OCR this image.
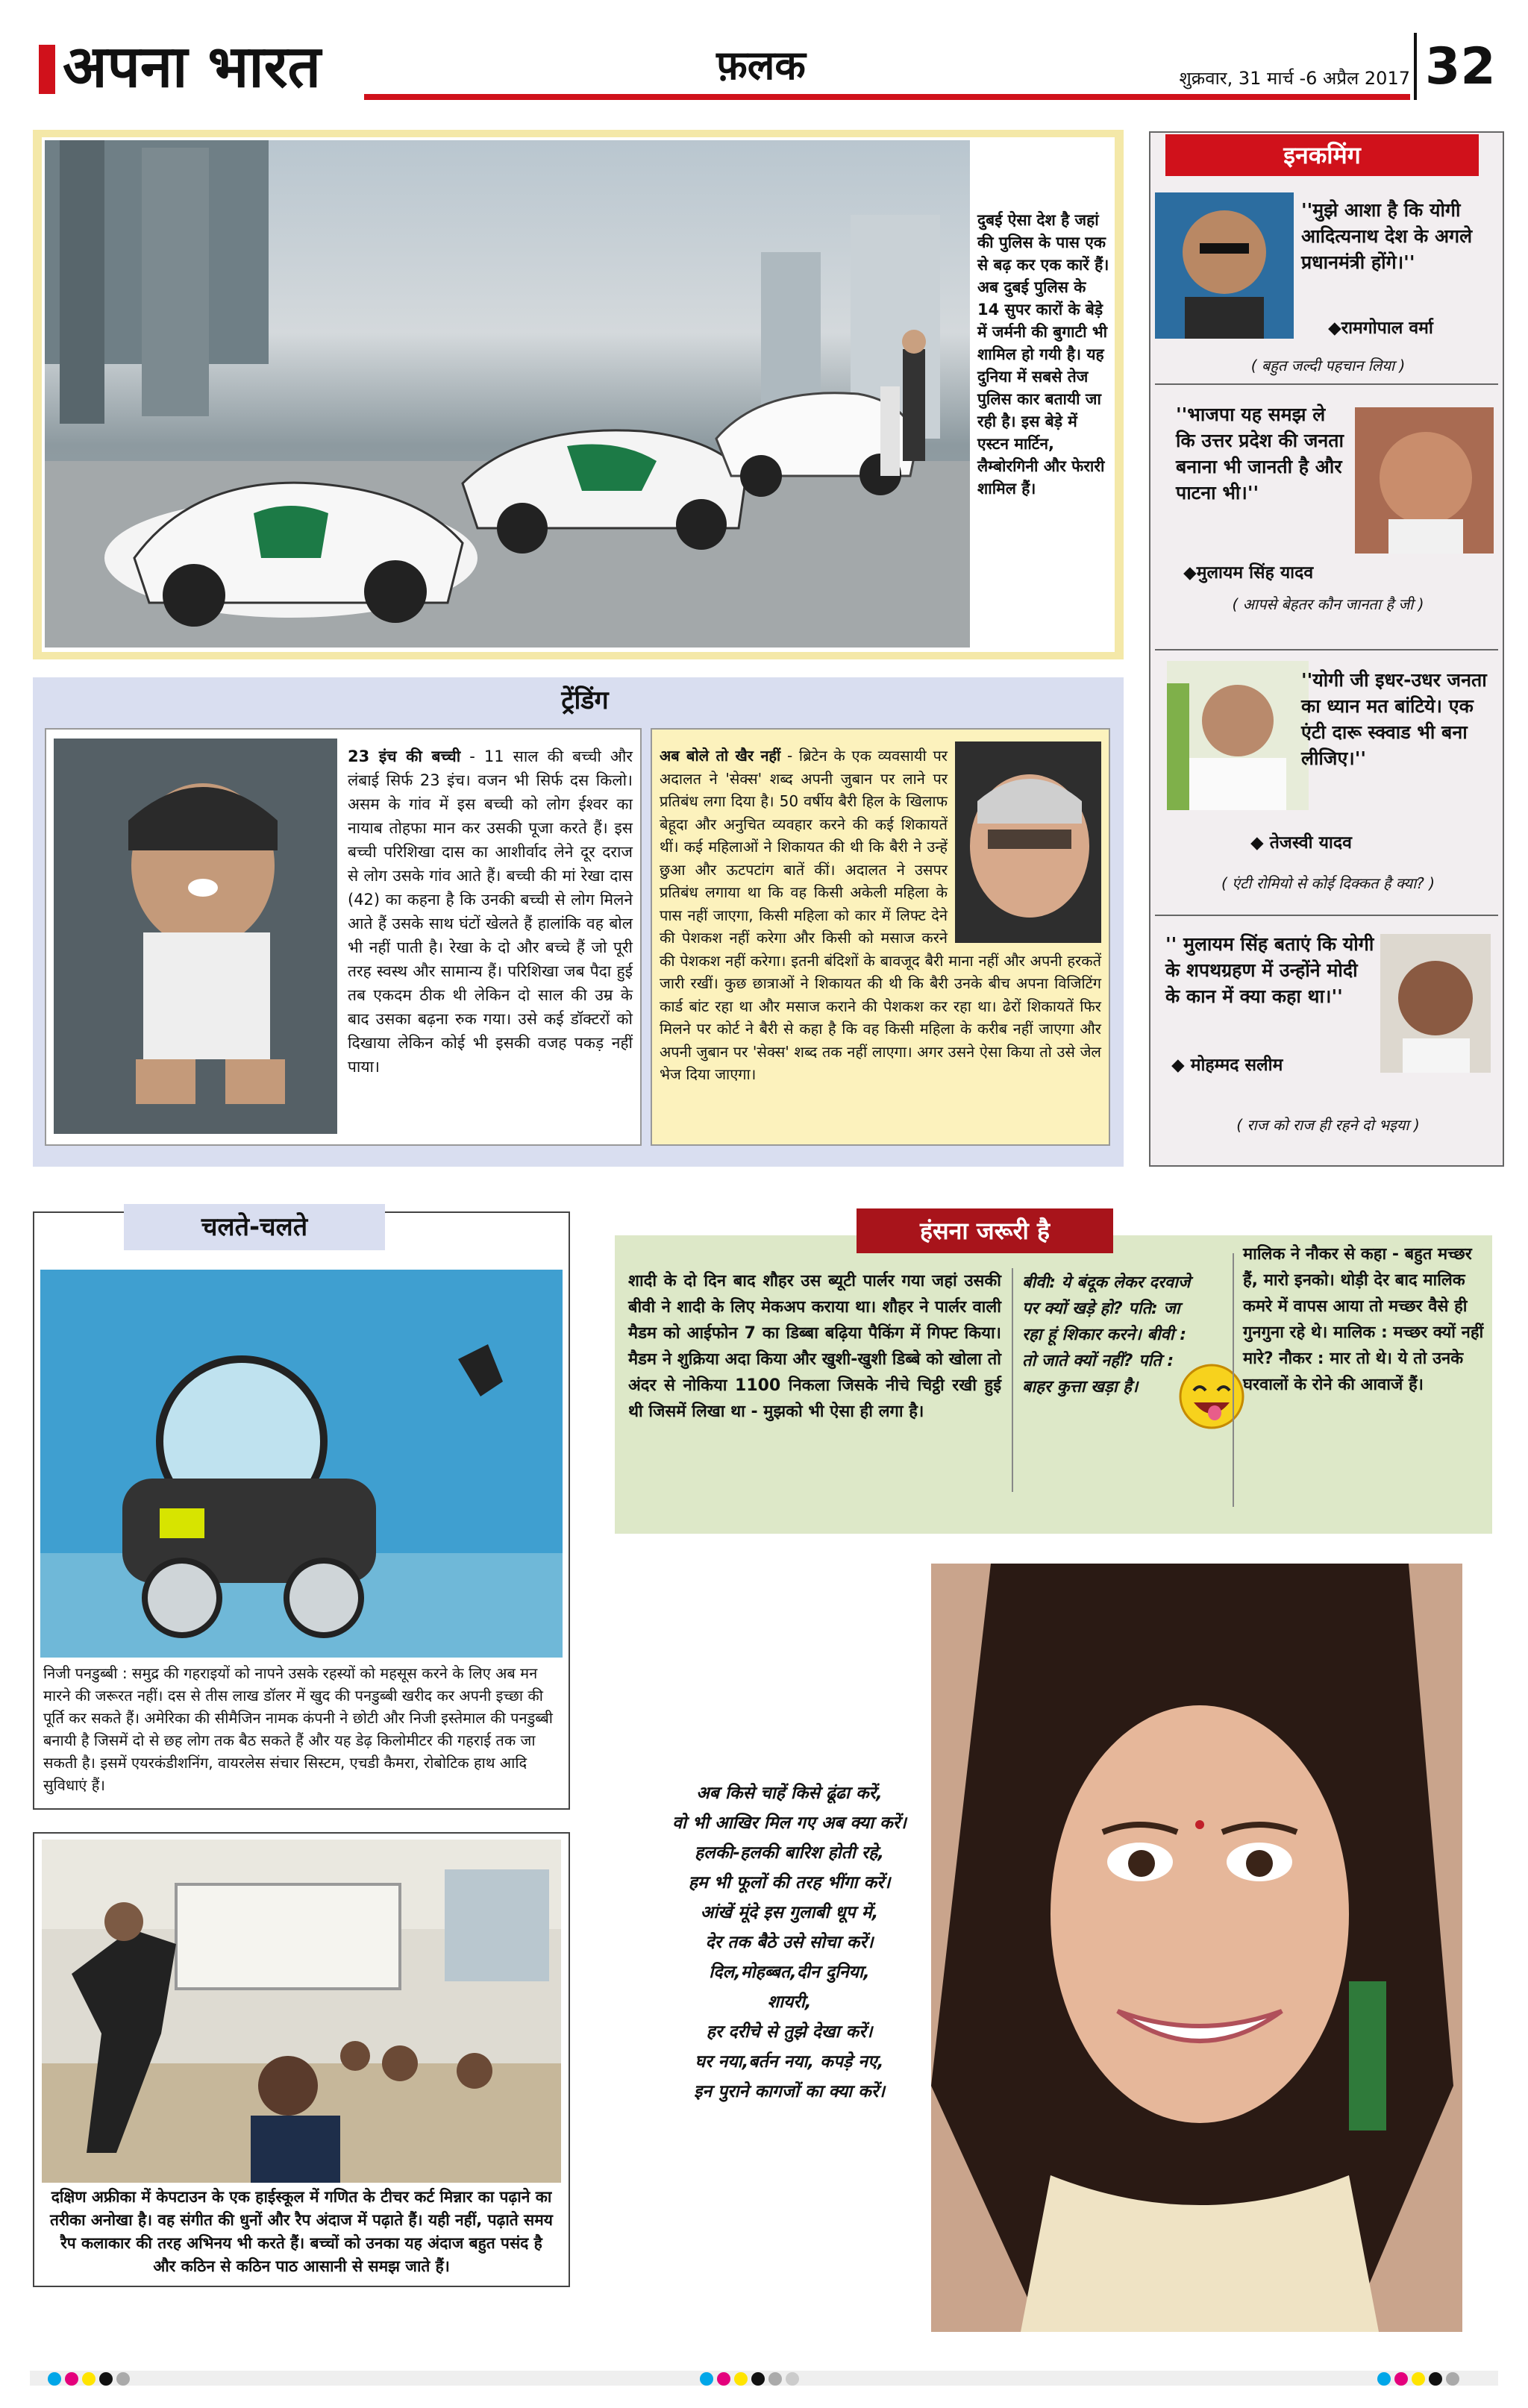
अपना भारत	फ़लक	शुक्रवार, 31 मार्च -6 अप्रैल 2017 32
दुबई ऐसा देश है जहां की पुलिस के पास एक से बढ़ कर एक कारें हैं। अब दुबई पुलिस के 14 सुपर कारों के बेड़े में जर्मनी की बुगाटी भी शामिल हो गयी है। यह दुनिया में सबसे तेज पुलिस कार बतायी जा रही है। इस बेड़े में एस्टन मार्टिन, लैम्बोरगिनी और फेरारी शामिल हैं।
इनकमिंग
''मुझे आशा है कि योगी आदित्यनाथ देश के अगले प्रधानमंत्री होंगे।''
◆रामगोपाल वर्मा
( बहुत जल्दी पहचान लिया )
''भाजपा यह समझ ले कि उत्तर प्रदेश की जनता बनाना भी जानती है और पाटना भी।''
◆मुलायम सिंह यादव
( आपसे बेहतर कौन जानता है जी )
''योगी जी इधर-उधर जनता का ध्यान मत बांटिये। एक एंटी दारू स्क्वाड भी बना लीजिए।''
◆ तेजस्वी यादव
( एंटी रोमियो से कोई दिक्कत है क्या? )
'' मुलायम सिंह बताएं कि योगी के शपथग्रहण में उन्होंने मोदी के कान में क्या कहा था।''
◆ मोहम्मद सलीम
( राज को राज ही रहने दो भइया )
ट्रेंडिंग
23 इंच की बच्ची - 11 साल की बच्ची और लंबाई सिर्फ 23 इंच। वजन भी सिर्फ दस किलो। असम के गांव में इस बच्ची को लोग ईश्वर का नायाब तोहफा मान कर उसकी पूजा करते हैं। इस बच्ची परिशिखा दास का आशीर्वाद लेने दूर दराज से लोग उसके गांव आते हैं। बच्ची की मां रेखा दास (42) का कहना है कि उनकी बच्ची से लोग मिलने आते हैं उसके साथ घंटों खेलते हैं हालांकि वह बोल भी नहीं पाती है। रेखा के दो और बच्चे हैं जो पूरी तरह स्वस्थ और सामान्य हैं। परिशिखा जब पैदा हुई तब एकदम ठीक थी लेकिन दो साल की उम्र के बाद उसका बढ़ना रुक गया। उसे कई डॉक्टरों को दिखाया लेकिन कोई भी इसकी वजह पकड़ नहीं पाया।
अब बोले तो खैर नहीं - ब्रिटेन के एक व्यवसायी पर अदालत ने 'सेक्स' शब्द अपनी जुबान पर लाने पर प्रतिबंध लगा दिया है। 50 वर्षीय बैरी हिल के खिलाफ बेहूदा और अनुचित व्यवहार करने की कई शिकायतें थीं। कई महिलाओं ने शिकायत की थी कि बैरी ने उन्हें छुआ और ऊटपटांग बातें कीं। अदालत ने उसपर प्रतिबंध लगाया था कि वह किसी अकेली महिला के पास नहीं जाएगा, किसी महिला को कार में लिफ्ट देने की पेशकश नहीं करेगा और किसी को मसाज करने की पेशकश नहीं करेगा। इतनी बंदिशों के बावजूद बैरी माना नहीं और अपनी हरकतें जारी रखीं। कुछ छात्राओं ने शिकायत की थी कि बैरी उनके बीच अपना विजिटिंग कार्ड बांट रहा था और मसाज कराने की पेशकश कर रहा था। ढेरों शिकायतें फिर मिलने पर कोर्ट ने बैरी से कहा है कि वह किसी महिला के करीब नहीं जाएगा और अपनी जुबान पर 'सेक्स' शब्द तक नहीं लाएगा। अगर उसने ऐसा किया तो उसे जेल भेज दिया जाएगा।
चलते-चलते
निजी पनडुब्बी : समुद्र की गहराइयों को नापने उसके रहस्यों को महसूस करने के लिए अब मन मारने की जरूरत नहीं। दस से तीस लाख डॉलर में खुद की पनडुब्बी खरीद कर अपनी इच्छा की पूर्ति कर सकते हैं। अमेरिका की सीमैजिन नामक कंपनी ने छोटी और निजी इस्तेमाल की पनडुब्बी बनायी है जिसमें दो से छह लोग तक बैठ सकते हैं और यह डेढ़ किलोमीटर की गहराई तक जा सकती है। इसमें एयरकंडीशनिंग, वायरलेस संचार सिस्टम, एचडी कैमरा, रोबोटिक हाथ आदि सुविधाएं हैं।
दक्षिण अफ्रीका में केपटाउन के एक हाईस्कूल में गणित के टीचर कर्ट मिन्नार का पढ़ाने का तरीका अनोखा है। वह संगीत की धुनों और रैप अंदाज में पढ़ाते हैं। यही नहीं, पढ़ाते समय रैप कलाकार की तरह अभिनय भी करते हैं। बच्चों को उनका यह अंदाज बहुत पसंद है और कठिन से कठिन पाठ आसानी से समझ जाते हैं।
हंसना जरूरी है
शादी के दो दिन बाद शौहर उस ब्यूटी पार्लर गया जहां उसकी बीवी ने शादी के लिए मेकअप कराया था। शौहर ने पार्लर वाली मैडम को आईफोन 7 का डिब्बा बढ़िया पैकिंग में गिफ्ट किया। मैडम ने शुक्रिया अदा किया और खुशी-खुशी डिब्बे को खोला तो अंदर से नोकिया 1100 निकला जिसके नीचे चिट्ठी रखी हुई थी जिसमें लिखा था - मुझको भी ऐसा ही लगा है।
बीवी: ये बंदूक लेकर दरवाजे पर क्यों खड़े हो? पति: जा रहा हूं शिकार करने। बीवी : तो जाते क्यों नहीं? पति : बाहर कुत्ता खड़ा है।
मालिक ने नौकर से कहा - बहुत मच्छर हैं, मारो इनको। थोड़ी देर बाद मालिक कमरे में वापस आया तो मच्छर वैसे ही गुनगुना रहे थे। मालिक : मच्छर क्यों नहीं मारे? नौकर : मार तो थे। ये तो उनके घरवालों के रोने की आवाजें हैं।
अब किसे चाहें किसे ढूंढा करें,
वो भी आखिर मिल गए अब क्या करें।
हलकी-हलकी बारिश होती रहे,
हम भी फूलों की तरह भींगा करें।
आंखें मूंदे इस गुलाबी धूप में,
देर तक बैठे उसे सोचा करें।
दिल,मोहब्बत,दीन दुनिया,
शायरी,
हर दरीचे से तुझे देखा करें।
घर नया,बर्तन नया, कपड़े नए,
इन पुराने कागजों का क्या करें।
